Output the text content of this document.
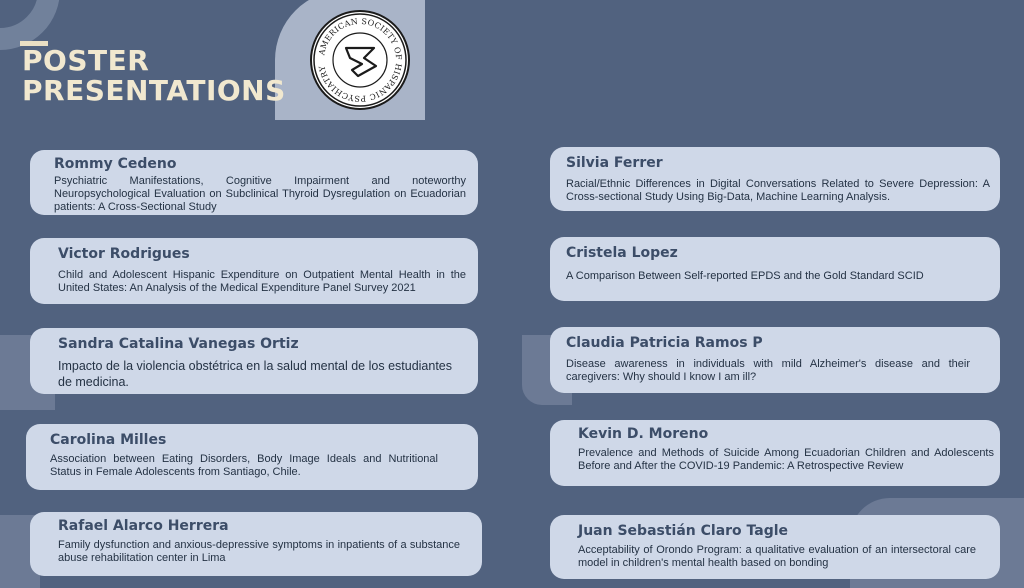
AMERICAN SOCIETY OF HISPANIC PSYCHIATRY
POSTER
PRESENTATIONS

Rommy Cedeno

Psychiatric Manifestations, Cognitive Impairment and noteworthy Neuropsychological Evaluation on Subclinical Thyroid Dysregulation on Ecuadorian patients: A Cross-Sectional Study

Victor Rodrigues

Child and Adolescent Hispanic Expenditure on Outpatient Mental Health in the United States: An Analysis of the Medical Expenditure Panel Survey 2021

Sandra Catalina Vanegas Ortiz

Impacto de la violencia obstétrica en la salud mental de los estudiantes de medicina.

Carolina Milles

Association between Eating Disorders, Body Image Ideals and Nutritional Status in Female Adolescents from Santiago, Chile.

Rafael Alarco Herrera

Family dysfunction and anxious-depressive symptoms in inpatients of a substance abuse rehabilitation center in Lima

Silvia Ferrer

Racial/Ethnic Differences in Digital Conversations Related to Severe Depression: A Cross-sectional Study Using Big-Data, Machine Learning Analysis.

Cristela Lopez

A Comparison Between Self-reported EPDS and the Gold Standard SCID

Claudia Patricia Ramos P

Disease awareness in individuals with mild Alzheimer's disease and their caregivers: Why should I know I am ill?

Kevin D. Moreno

Prevalence and Methods of Suicide Among Ecuadorian Children and Adolescents Before and After the COVID-19 Pandemic: A Retrospective Review

Juan Sebastián Claro Tagle

Acceptability of Orondo Program: a qualitative evaluation of an intersectoral care model in children's mental health based on bonding
